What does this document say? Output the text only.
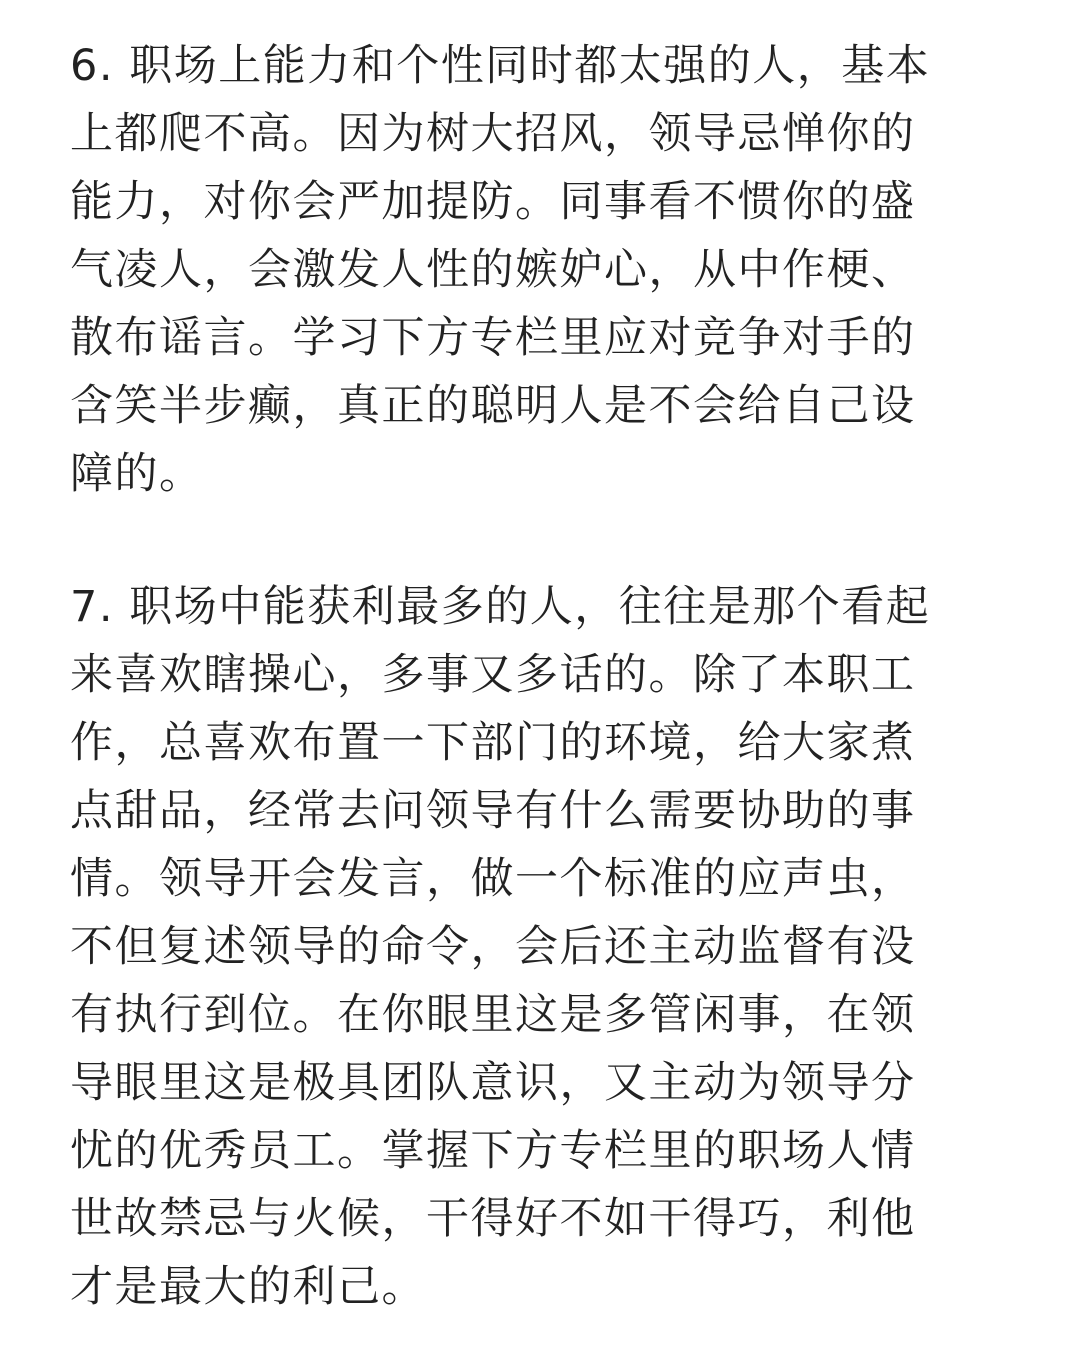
6. 职场上能力和个性同时都太强的人，基本
上都爬不高。因为树大招风，领导忌惮你的
能力，对你会严加提防。同事看不惯你的盛
气凌人，会激发人性的嫉妒心，从中作梗、
散布谣言。学习下方专栏里应对竞争对手的
含笑半步癫，真正的聪明人是不会给自己设
障的。
7. 职场中能获利最多的人，往往是那个看起
来喜欢瞎操心，多事又多话的。除了本职工
作，总喜欢布置一下部门的环境，给大家煮
点甜品，经常去问领导有什么需要协助的事
情。领导开会发言，做一个标准的应声虫，
不但复述领导的命令，会后还主动监督有没
有执行到位。在你眼里这是多管闲事，在领
导眼里这是极具团队意识，又主动为领导分
忧的优秀员工。掌握下方专栏里的职场人情
世故禁忌与火候，干得好不如干得巧，利他
才是最大的利己。
